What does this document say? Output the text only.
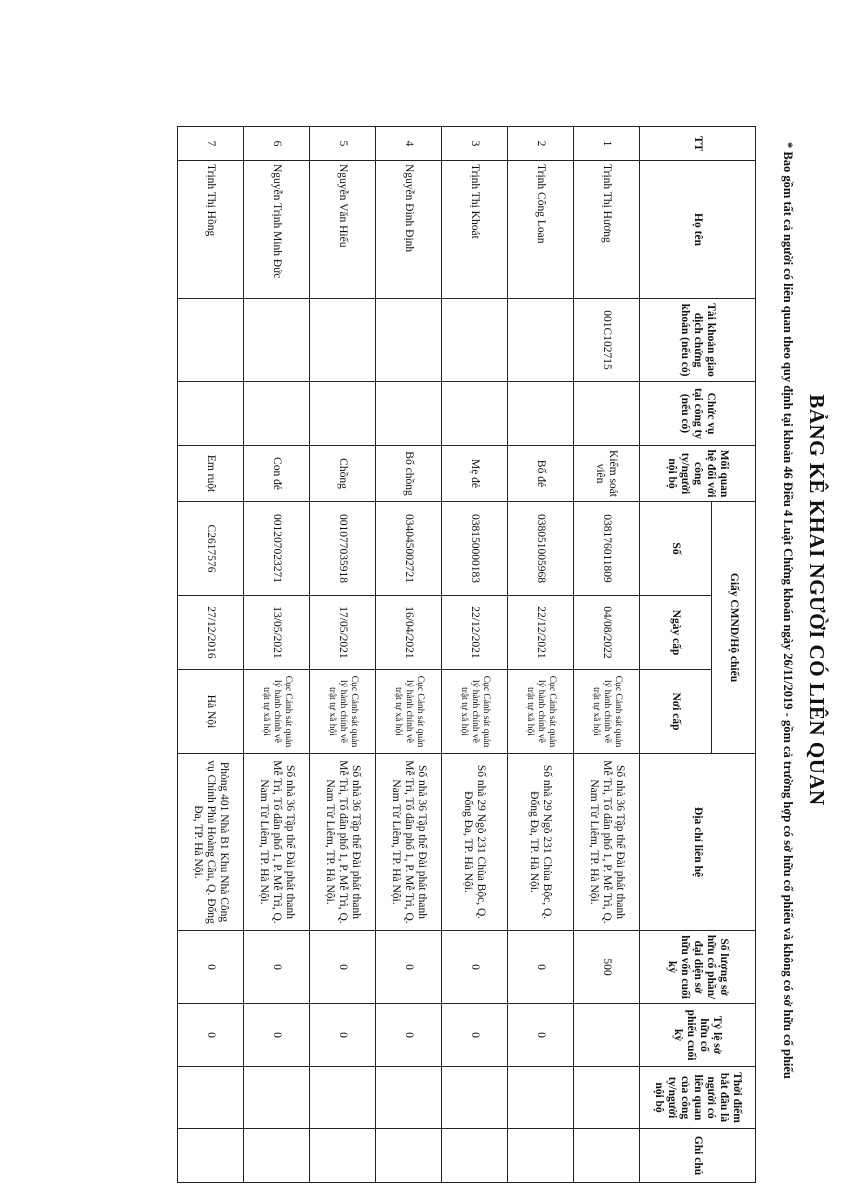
BẢNG KÊ KHAI NGƯỜI CÓ LIÊN QUAN
* Bao gồm tất cả người có liên quan theo quy định tại khoản 46 Điều 4 Luật Chứng khoán ngày 26/11/2019 - gồm cả trường hợp có sở hữu cổ phiếu và không có sở hữu cổ phiếu
TT	Họ tên	Tài khoản giao dịch chứng khoán (nếu có)	Chức vụ tại công ty (nếu có)	Mối quan hệ đối với công ty/người nội bộ	Giấy CMND/Hộ chiếu			Địa chỉ liên hệ	Số lượng sở hữu cổ phần/ đại diện sở hữu vốn cuối kỳ	Tỷ lệ sở hữu cổ phiếu cuối kỳ	Thời điểm bắt đầu là người có liên quan của công ty/người nội bộ	Ghi chú
					Số	Ngày cấp	Nơi cấp					
1	Trịnh Thị Hương	001C102715		Kiểm soát viên	038176011809	04/08/2022	Cục Cảnh sát quản lý hành chính về trật tự xã hội	Số nhà 36 Tập thể Đài phát thanh Mễ Trì, Tổ dân phố 1, P. Mễ Trì, Q. Nam Từ Liêm, TP. Hà Nội.	500			
2	Trịnh Công Loan			Bố đẻ	038051005968	22/12/2021	Cục Cảnh sát quản lý hành chính về trật tự xã hội	Số nhà 29 Ngõ 231 Chùa Bộc, Q. Đống Đa, TP. Hà Nội.	0	0		
3	Trịnh Thị Khoát			Mẹ đẻ	038150000183	22/12/2021	Cục Cảnh sát quản lý hành chính về trật tự xã hội	Số nhà 29 Ngõ 231 Chùa Bộc, Q. Đống Đa, TP. Hà Nội.	0	0		
4	Nguyễn Đình Định			Bố chồng	034045002721	16/04/2021	Cục Cảnh sát quản lý hành chính về trật tự xã hội	Số nhà 36 Tập thể Đài phát thanh Mễ Trì, Tổ dân phố 1, P. Mễ Trì, Q. Nam Từ Liêm, TP. Hà Nội.	0	0		
5	Nguyễn Văn Hiếu			Chồng	001077035918	17/05/2021	Cục Cảnh sát quản lý hành chính về trật tự xã hội	Số nhà 36 Tập thể Đài phát thanh Mễ Trì, Tổ dân phố 1, P. Mễ Trì, Q. Nam Từ Liêm, TP. Hà Nội.	0	0		
6	Nguyễn Trịnh Minh Đức			Con đẻ	001207023271	13/05/2021	Cục Cảnh sát quản lý hành chính về trật tự xã hội	Số nhà 36 Tập thể Đài phát thanh Mễ Trì, Tổ dân phố 1, P. Mễ Trì, Q. Nam Từ Liêm, TP. Hà Nội.	0	0		
7	Trịnh Thị Hồng			Em ruột	C2617576	27/12/2016	Hà Nội	Phòng 401 Nhà B1 Khu Nhà Công vụ Chính Phủ Hoàng Cầu, Q. Đống Đa, TP. Hà Nội.	0	0		
